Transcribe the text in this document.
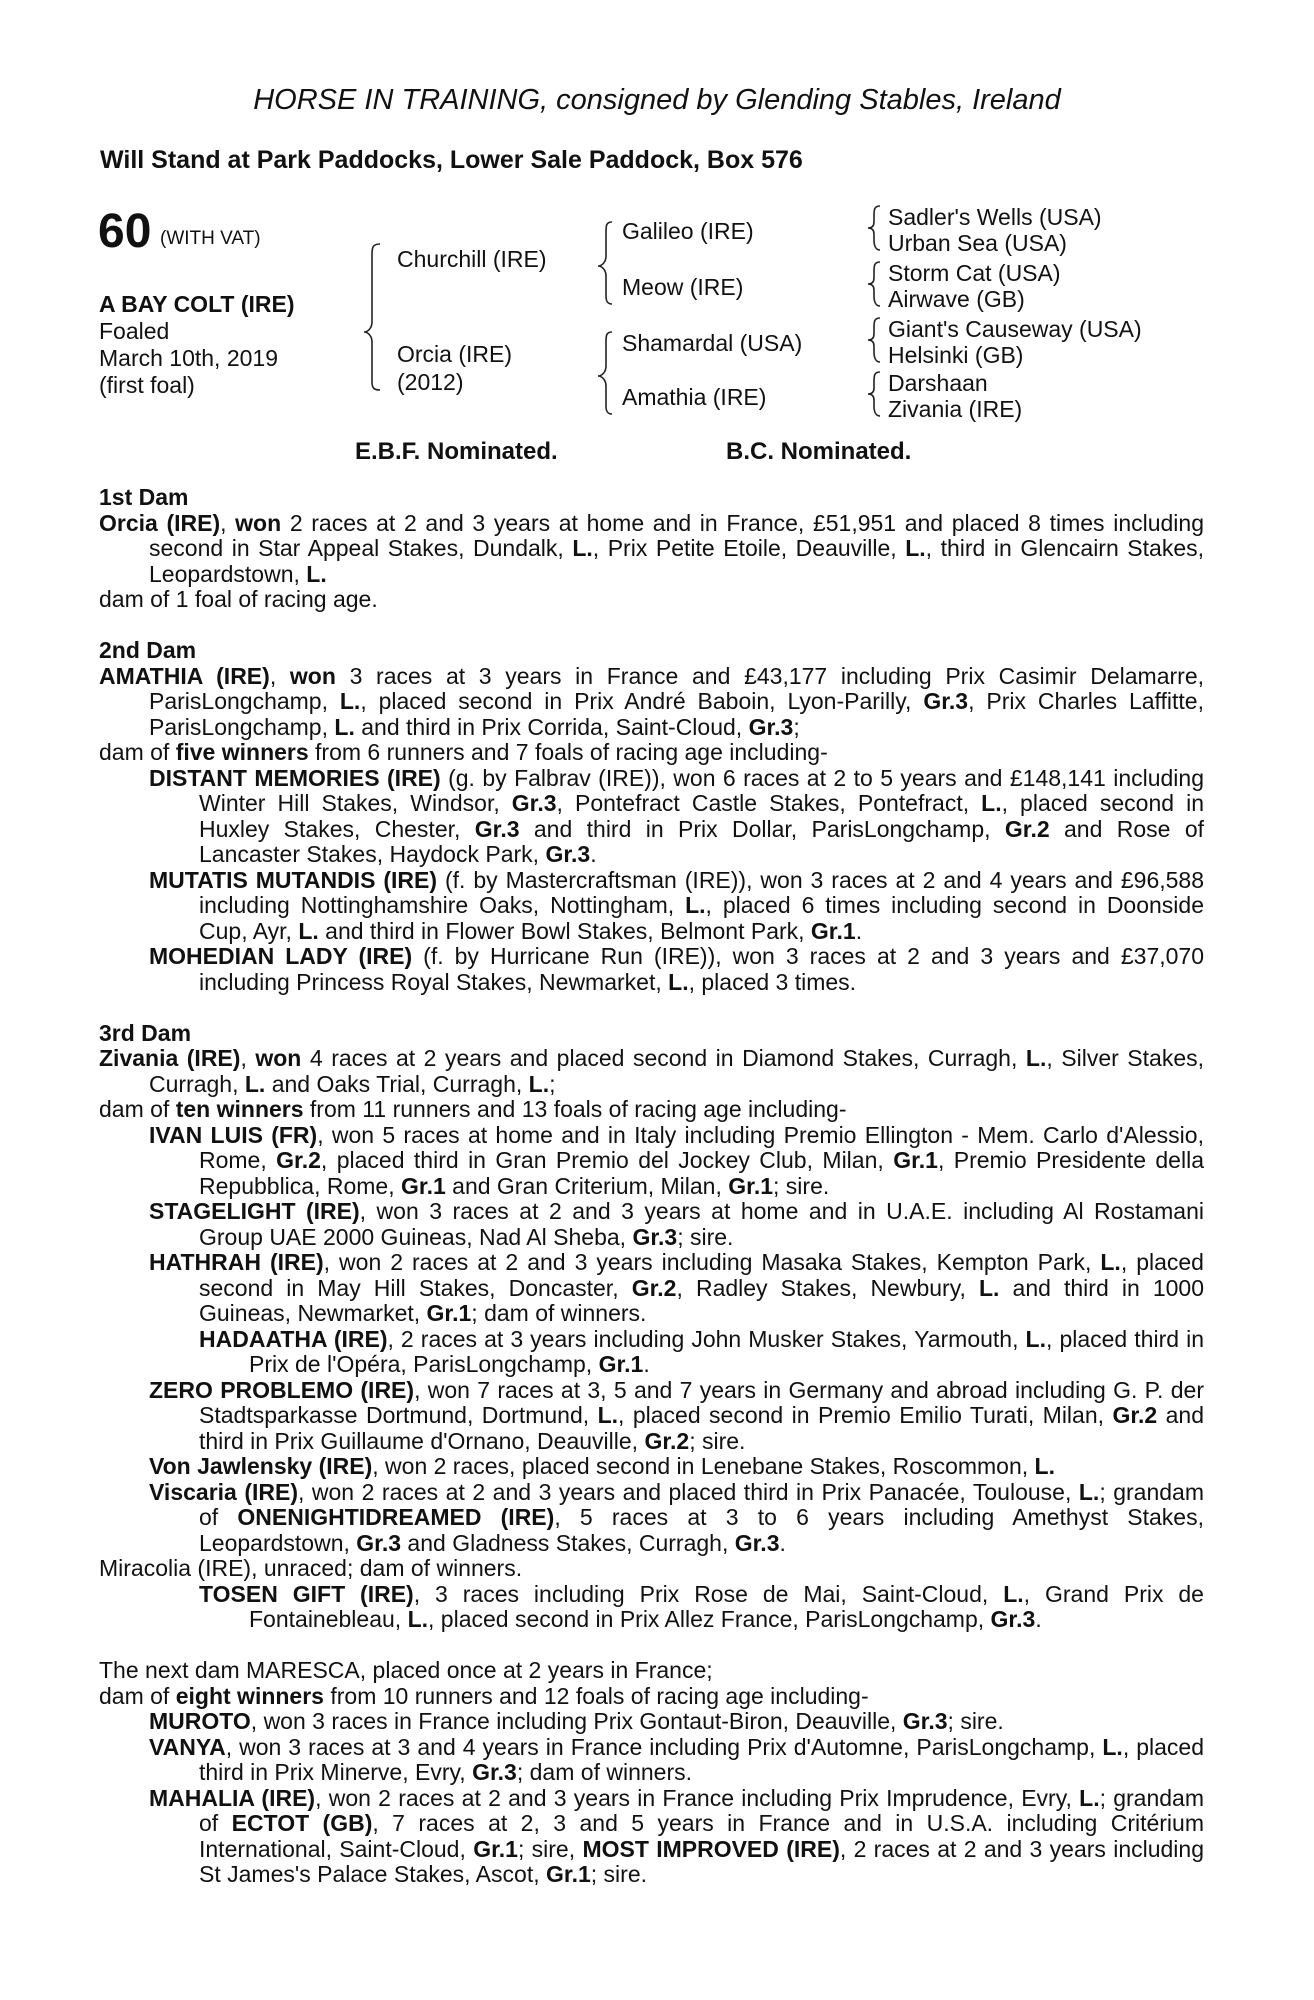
HORSE IN TRAINING, consigned by Glending Stables, Ireland
Will Stand at Park Paddocks, Lower Sale Paddock, Box 576
60 (WITH VAT)
A BAY COLT (IRE)
Foaled
March 10th, 2019
(first foal)
Churchill (IRE)
Orcia (IRE)
(2012)
Galileo (IRE)
Meow (IRE)
Shamardal (USA)
Amathia (IRE)
Sadler's Wells (USA)
Urban Sea (USA)
Storm Cat (USA)
Airwave (GB)
Giant's Causeway (USA)
Helsinki (GB)
Darshaan
Zivania (IRE)
E.B.F. Nominated.	B.C. Nominated.
1st Dam

Orcia (IRE), won 2 races at 2 and 3 years at home and in France, £51,951 and placed 8 times including second in Star Appeal Stakes, Dundalk, L., Prix Petite Etoile, Deauville, L., third in Glencairn Stakes, Leopardstown, L.

dam of 1 foal of racing age.

2nd Dam

AMATHIA (IRE), won 3 races at 3 years in France and £43,177 including Prix Casimir Delamarre, ParisLongchamp, L., placed second in Prix André Baboin, Lyon-Parilly, Gr.3, Prix Charles Laffitte, ParisLongchamp, L. and third in Prix Corrida, Saint-Cloud, Gr.3;

dam of five winners from 6 runners and 7 foals of racing age including-

DISTANT MEMORIES (IRE) (g. by Falbrav (IRE)), won 6 races at 2 to 5 years and £148,141 including Winter Hill Stakes, Windsor, Gr.3, Pontefract Castle Stakes, Pontefract, L., placed second in Huxley Stakes, Chester, Gr.3 and third in Prix Dollar, ParisLongchamp, Gr.2 and Rose of Lancaster Stakes, Haydock Park, Gr.3.

MUTATIS MUTANDIS (IRE) (f. by Mastercraftsman (IRE)), won 3 races at 2 and 4 years and £96,588 including Nottinghamshire Oaks, Nottingham, L., placed 6 times including second in Doonside Cup, Ayr, L. and third in Flower Bowl Stakes, Belmont Park, Gr.1.

MOHEDIAN LADY (IRE) (f. by Hurricane Run (IRE)), won 3 races at 2 and 3 years and £37,070 including Princess Royal Stakes, Newmarket, L., placed 3 times.

3rd Dam

Zivania (IRE), won 4 races at 2 years and placed second in Diamond Stakes, Curragh, L., Silver Stakes, Curragh, L. and Oaks Trial, Curragh, L.;

dam of ten winners from 11 runners and 13 foals of racing age including-

IVAN LUIS (FR), won 5 races at home and in Italy including Premio Ellington - Mem. Carlo d'Alessio, Rome, Gr.2, placed third in Gran Premio del Jockey Club, Milan, Gr.1, Premio Presidente della Repubblica, Rome, Gr.1 and Gran Criterium, Milan, Gr.1; sire.

STAGELIGHT (IRE), won 3 races at 2 and 3 years at home and in U.A.E. including Al Rostamani Group UAE 2000 Guineas, Nad Al Sheba, Gr.3; sire.

HATHRAH (IRE), won 2 races at 2 and 3 years including Masaka Stakes, Kempton Park, L., placed second in May Hill Stakes, Doncaster, Gr.2, Radley Stakes, Newbury, L. and third in 1000 Guineas, Newmarket, Gr.1; dam of winners.

HADAATHA (IRE), 2 races at 3 years including John Musker Stakes, Yarmouth, L., placed third in Prix de l'Opéra, ParisLongchamp, Gr.1.

ZERO PROBLEMO (IRE), won 7 races at 3, 5 and 7 years in Germany and abroad including G. P. der Stadtsparkasse Dortmund, Dortmund, L., placed second in Premio Emilio Turati, Milan, Gr.2 and third in Prix Guillaume d'Ornano, Deauville, Gr.2; sire.

Von Jawlensky (IRE), won 2 races, placed second in Lenebane Stakes, Roscommon, L.

Viscaria (IRE), won 2 races at 2 and 3 years and placed third in Prix Panacée, Toulouse, L.; grandam of ONENIGHTIDREAMED (IRE), 5 races at 3 to 6 years including Amethyst Stakes, Leopardstown, Gr.3 and Gladness Stakes, Curragh, Gr.3.

Miracolia (IRE), unraced; dam of winners.

TOSEN GIFT (IRE), 3 races including Prix Rose de Mai, Saint-Cloud, L., Grand Prix de Fontainebleau, L., placed second in Prix Allez France, ParisLongchamp, Gr.3.

The next dam MARESCA, placed once at 2 years in France;

dam of eight winners from 10 runners and 12 foals of racing age including-

MUROTO, won 3 races in France including Prix Gontaut-Biron, Deauville, Gr.3; sire.

VANYA, won 3 races at 3 and 4 years in France including Prix d'Automne, ParisLongchamp, L., placed third in Prix Minerve, Evry, Gr.3; dam of winners.

MAHALIA (IRE), won 2 races at 2 and 3 years in France including Prix Imprudence, Evry, L.; grandam of ECTOT (GB), 7 races at 2, 3 and 5 years in France and in U.S.A. including Critérium International, Saint-Cloud, Gr.1; sire, MOST IMPROVED (IRE), 2 races at 2 and 3 years including St James's Palace Stakes, Ascot, Gr.1; sire.
